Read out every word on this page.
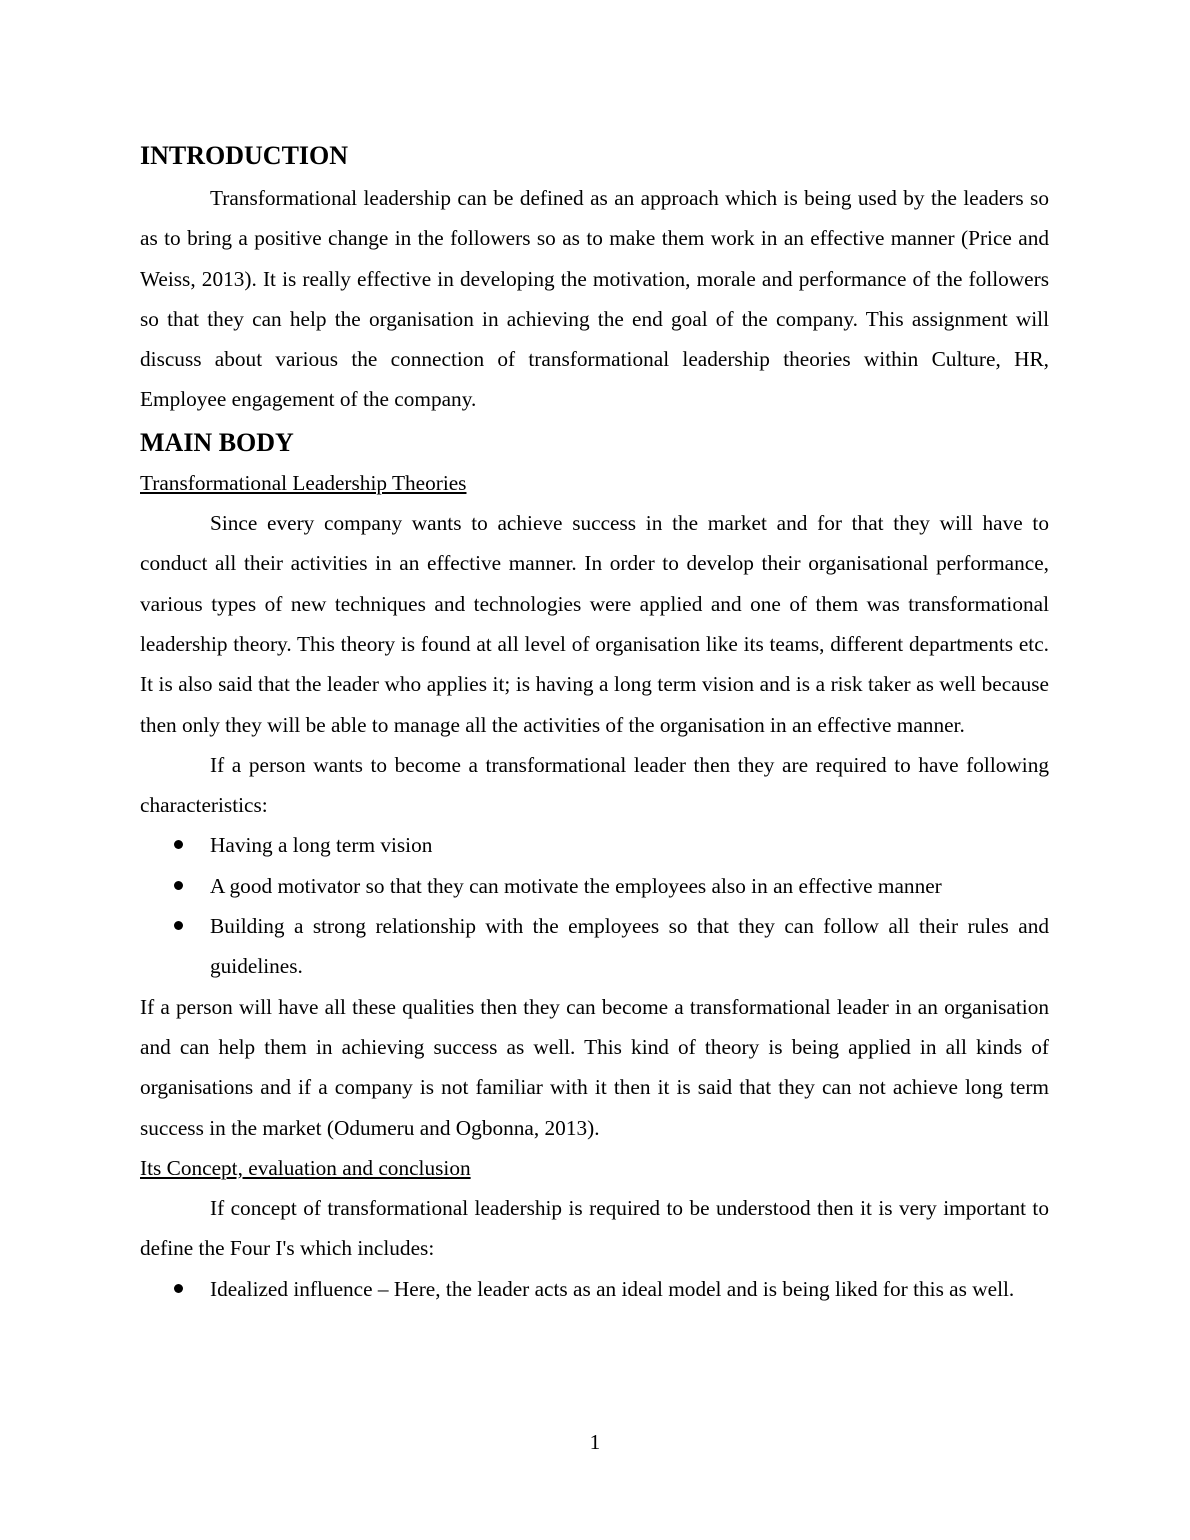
INTRODUCTION

Transformational leadership can be defined as an approach which is being used by the leaders so as to bring a positive change in the followers so as to make them work in an effective manner (Price and Weiss, 2013). It is really effective in developing the motivation, morale and performance of the followers so that they can help the organisation in achieving the end goal of the company. This assignment will discuss about various the connection of transformational leadership theories within Culture, HR, Employee engagement of the company.

MAIN BODY
Transformational Leadership Theories

Since every company wants to achieve success in the market and for that they will have to conduct all their activities in an effective manner. In order to develop their organisational performance, various types of new techniques and technologies were applied and one of them was transformational leadership theory. This theory is found at all level of organisation like its teams, different departments etc. It is also said that the leader who applies it; is having a long term vision and is a risk taker as well because then only they will be able to manage all the activities of the organisation in an effective manner.

If a person wants to become a transformational leader then they are required to have following characteristics:

Having a long term vision
A good motivator so that they can motivate the employees also in an effective manner
Building a strong relationship with the employees so that they can follow all their rules and guidelines.

If a person will have all these qualities then they can become a transformational leader in an organisation and can help them in achieving success as well. This kind of theory is being applied in all kinds of organisations and if a company is not familiar with it then it is said that they can not achieve long term success in the market (Odumeru and Ogbonna, 2013).

Its Concept, evaluation and conclusion

If concept of transformational leadership is required to be understood then it is very important to define the Four I's which includes:

Idealized influence – Here, the leader acts as an ideal model and is being liked for this as well.
1
